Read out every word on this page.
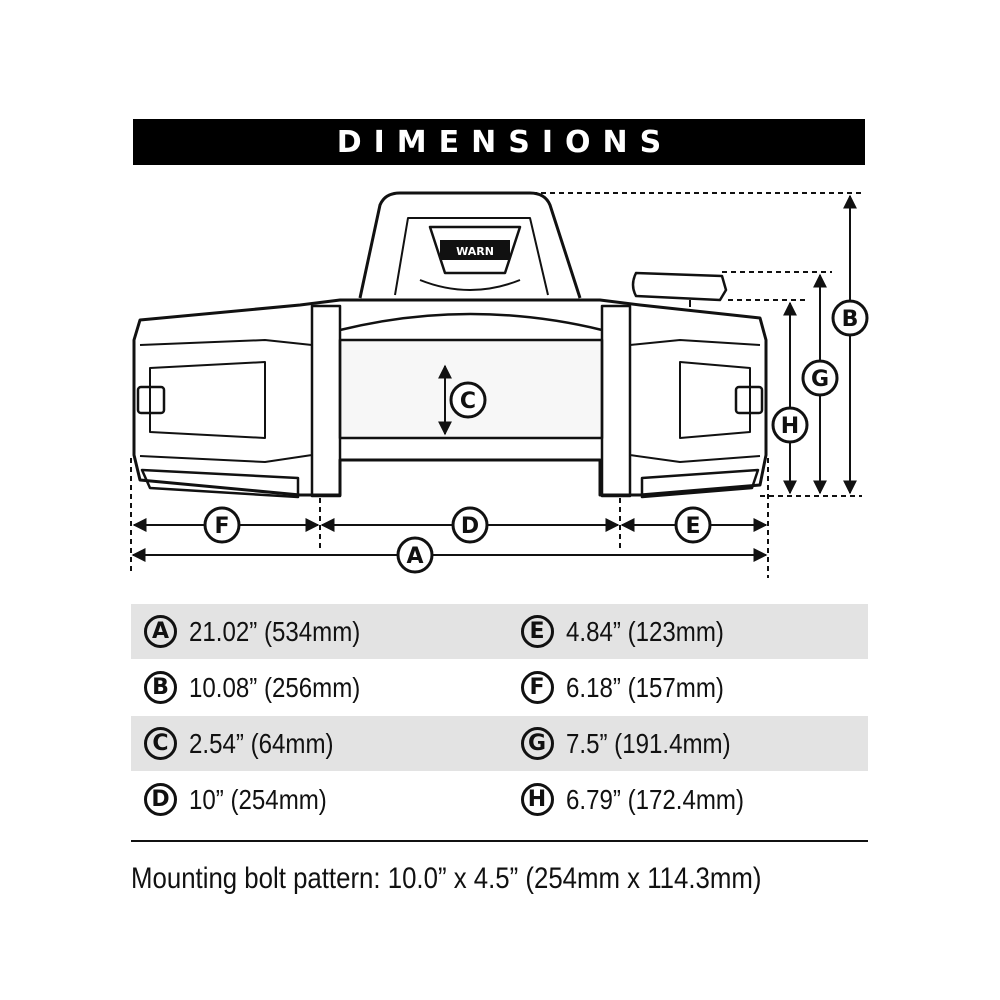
DIMENSIONS
WARN
A
B
C
D	E
F
G
H
A 21.02” (534mm)	E 4.84” (123mm)
B 10.08” (256mm)	F 6.18” (157mm)
C 2.54” (64mm)	G 7.5” (191.4mm)
D 10” (254mm)	H 6.79” (172.4mm)
Mounting bolt pattern: 10.0” x 4.5” (254mm x 114.3mm)
